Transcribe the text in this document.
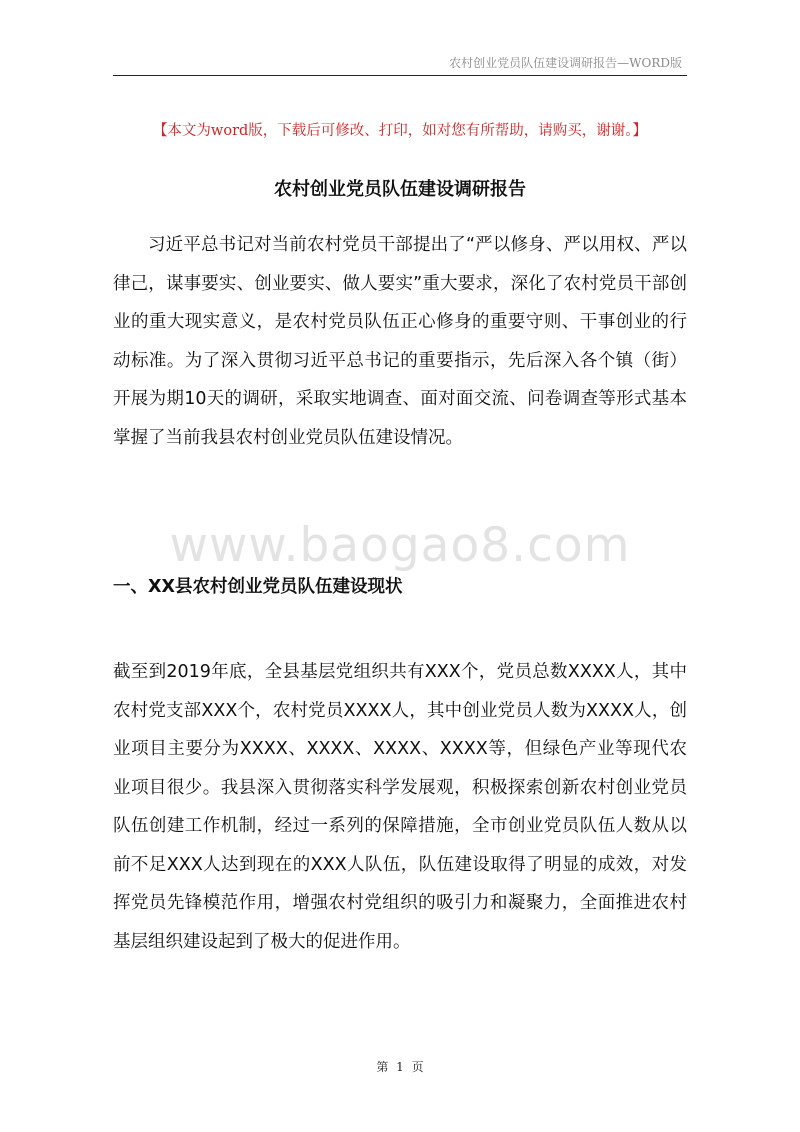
农村创业党员队伍建设调研报告—WORD版
【本文为word版，下载后可修改、打印，如对您有所帮助，请购买，谢谢。】
农村创业党员队伍建设调研报告

习近平总书记对当前农村党员干部提出了“严以修身、严以用权、严以律己，谋事要实、创业要实、做人要实”重大要求，深化了农村党员干部创业的重大现实意义，是农村党员队伍正心修身的重要守则、干事创业的行动标准。为了深入贯彻习近平总书记的重要指示，先后深入各个镇（街）开展为期10天的调研，采取实地调查、面对面交流、问卷调查等形式基本掌握了当前我县农村创业党员队伍建设情况。

www.baogao8.com
一、XX县农村创业党员队伍建设现状

截至到2019年底，全县基层党组织共有XXX个，党员总数XXXX人，其中农村党支部XXX个，农村党员XXXX人，其中创业党员人数为XXXX人，创业项目主要分为XXXX、XXXX、XXXX、XXXX等，但绿色产业等现代农业项目很少。我县深入贯彻落实科学发展观，积极探索创新农村创业党员队伍创建工作机制，经过一系列的保障措施，全市创业党员队伍人数从以前不足XXX人达到现在的XXX人队伍，队伍建设取得了明显的成效，对发挥党员先锋模范作用，增强农村党组织的吸引力和凝聚力，全面推进农村基层组织建设起到了极大的促进作用。

第 1 页
